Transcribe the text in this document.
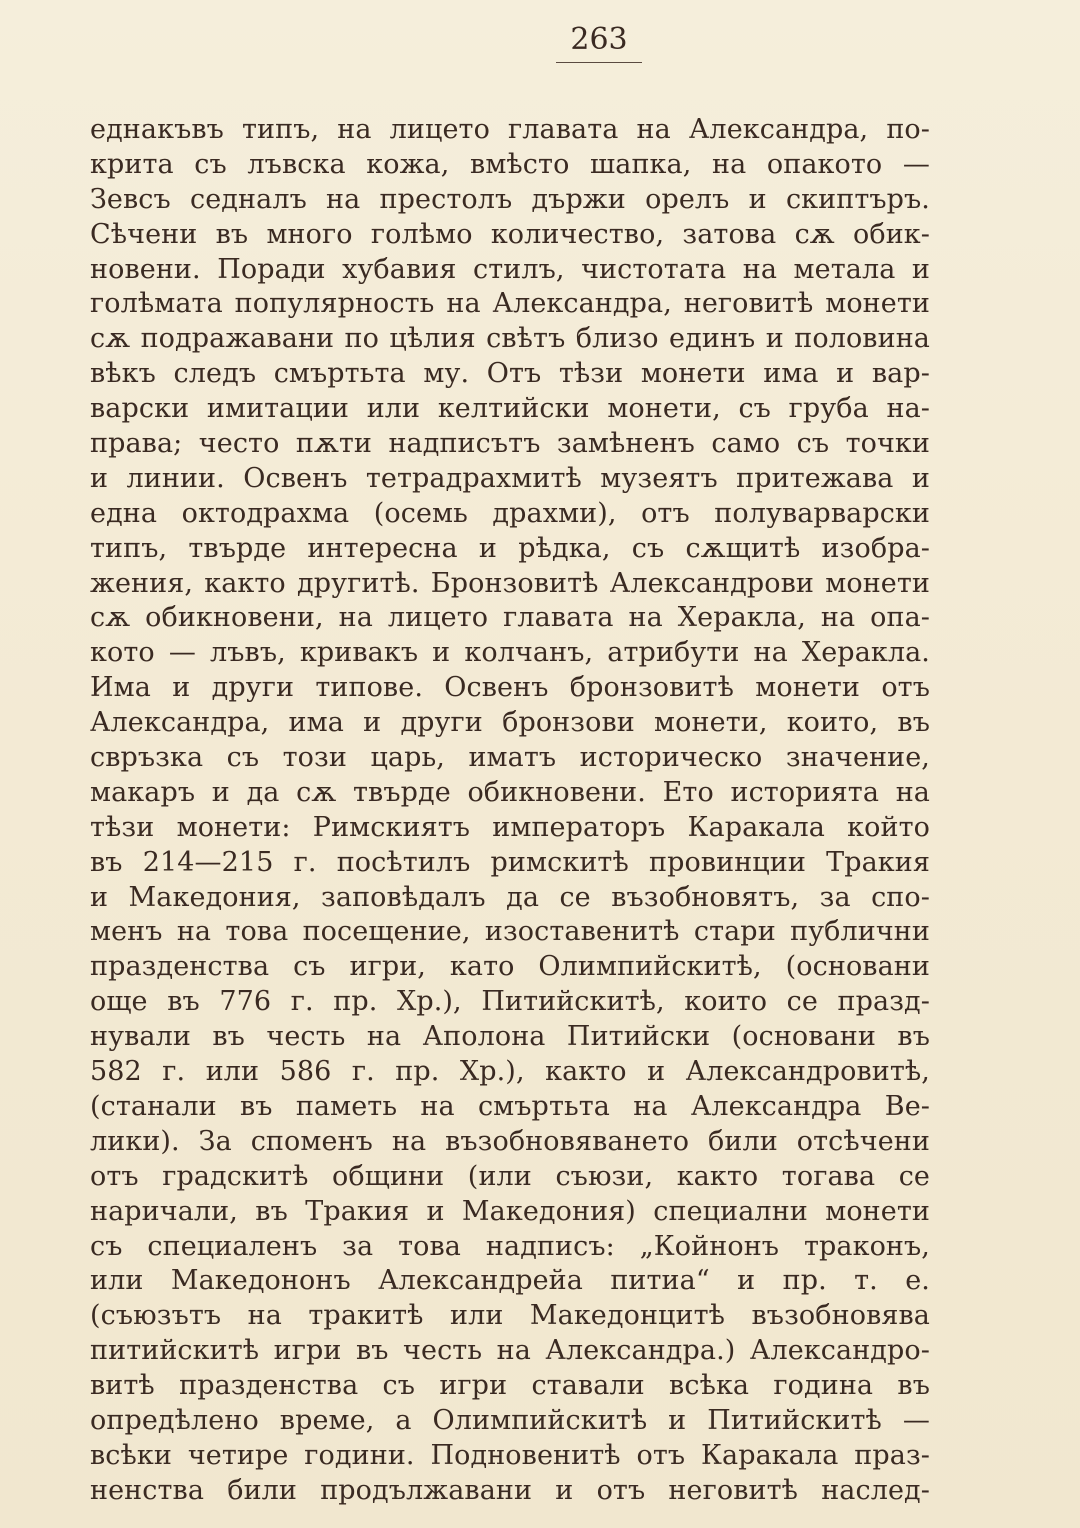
263
еднакъвъ типъ, на лицето главата на Александра, по-
крита съ лъвска кожа, вмѣсто шапка, на опакото —
Зевсъ седналъ на престолъ държи орелъ и скиптъръ.
Сѣчени въ много голѣмо количество, затова сѫ обик-
новени. Поради хубавия стилъ, чистотата на метала и
голѣмата популярность на Александра, неговитѣ монети
сѫ подражавани по цѣлия свѣтъ близо единъ и половина
вѣкъ следъ смъртьта му. Отъ тѣзи монети има и вар-
варски имитации или келтийски монети, съ груба на-
права; често пѫти надписътъ замѣненъ само съ точки
и линии. Освенъ тетрадрахмитѣ музеятъ притежава и
една октодрахма (осемь драхми), отъ полуварварски
типъ, твърде интересна и рѣдка, съ сѫщитѣ изобра-
жения, както другитѣ. Бронзовитѣ Александрови монети
сѫ обикновени, на лицето главата на Херакла, на опа-
кото — лъвъ, кривакъ и колчанъ, атрибути на Херакла.
Има и други типове. Освенъ бронзовитѣ монети отъ
Александра, има и други бронзови монети, които, въ
свръзка съ този царь, иматъ историческо значение,
макаръ и да сѫ твърде обикновени. Ето историята на
тѣзи монети: Римскиятъ императоръ Каракала който
въ 214—215 г. посѣтилъ римскитѣ провинции Тракия
и Македония, заповѣдалъ да се възобновятъ, за спо-
менъ на това посещение, изоставенитѣ стари публични
празденства съ игри, като Олимпийскитѣ, (основани
още въ 776 г. пр. Хр.), Питийскитѣ, които се празд-
нували въ честь на Аполона Питийски (основани въ
582 г. или 586 г. пр. Хр.), както и Александровитѣ,
(станали въ паметь на смъртьта на Александра Ве-
лики). За споменъ на възобновяването били отсѣчени
отъ градскитѣ общини (или съюзи, както тогава се
наричали, въ Тракия и Македония) специални монети
съ специаленъ за това надписъ: „Койнонъ траконъ,
или Македононъ Александрейа питиа“ и пр. т. е.
(съюзътъ на тракитѣ или Македонцитѣ възобновява
питийскитѣ игри въ честь на Александра.) Александро-
витѣ празденства съ игри ставали всѣка година въ
опредѣлено време, а Олимпийскитѣ и Питийскитѣ —
всѣки четире години. Подновенитѣ отъ Каракала праз-
ненства били продължавани и отъ неговитѣ наслед-
